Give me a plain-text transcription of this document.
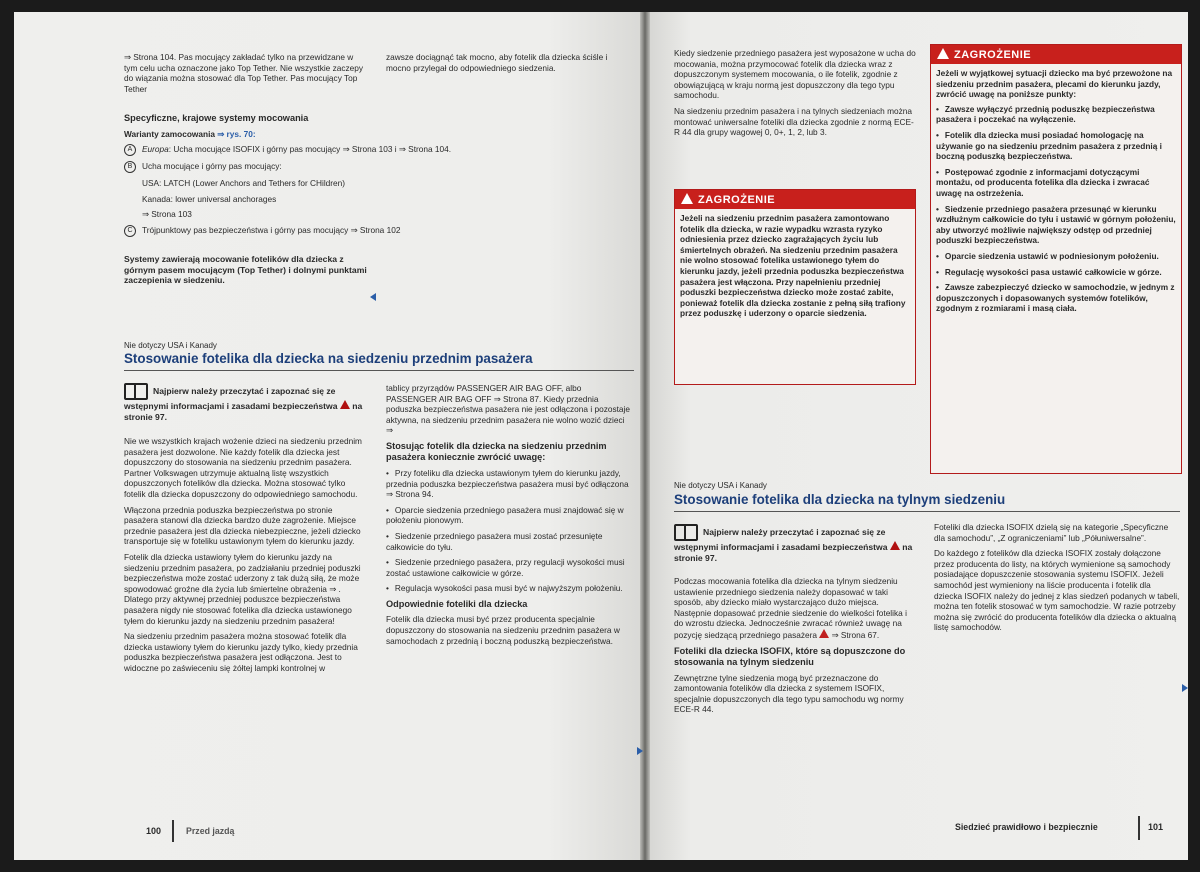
⇒ Strona 104. Pas mocujący zakładać tylko na przewidzane w tym celu ucha oznaczone jako Top Tether. Nie wszystkie zaczepy do wiązania można stosować dla Top Tether. Pas mocujący Top Tether

zawsze dociągnąć tak mocno, aby fotelik dla dziecka ściśle i mocno przylegał do odpowiedniego siedzenia.

Specyficzne, krajowe systemy mocowania

Warianty zamocowania ⇒ rys. 70:

A Europa: Ucha mocujące ISOFIX i górny pas mocujący ⇒ Strona 103 i ⇒ Strona 104.
B Ucha mocujące i górny pas mocujący:
USA: LATCH (Lower Anchors and Tethers for CHildren)
Kanada: lower universal anchorages
⇒ Strona 103
C Trójpunktowy pas bezpieczeństwa i górny pas mocujący ⇒ Strona 102
Systemy zawierają mocowanie fotelików dla dziecka z górnym pasem mocującym (Top Tether) i dolnymi punktami zaczepienia w siedzeniu.
Nie dotyczy USA i Kanady
Stosowanie fotelika dla dziecka na siedzeniu przednim pasażera
Najpierw należy przeczytać i zapoznać się ze wstępnymi informacjami i zasadami bezpieczeństwa na stronie 97.

Nie we wszystkich krajach wożenie dzieci na siedzeniu przednim pasażera jest dozwolone. Nie każdy fotelik dla dziecka jest dopuszczony do stosowania na siedzeniu przednim pasażera. Partner Volkswagen utrzymuje aktualną listę wszystkich dopuszczonych fotelików dla dziecka. Można stosować tylko fotelik dla dziecka dopuszczony do odpowiedniego samochodu.

Włączona przednia poduszka bezpieczeństwa po stronie pasażera stanowi dla dziecka bardzo duże zagrożenie. Miejsce przednie pasażera jest dla dziecka niebezpieczne, jeżeli dziecko transportuje się w foteliku ustawionym tyłem do kierunku jazdy.

Fotelik dla dziecka ustawiony tyłem do kierunku jazdy na siedzeniu przednim pasażera, po zadziałaniu przedniej poduszki bezpieczeństwa może zostać uderzony z tak dużą siłą, że może spowodować groźne dla życia lub śmiertelne obrażenia ⇒ . Dlatego przy aktywnej przedniej poduszce bezpieczeństwa pasażera nigdy nie stosować fotelika dla dziecka ustawionego tyłem do kierunku jazdy na siedzeniu przednim pasażera!

Na siedzeniu przednim pasażera można stosować fotelik dla dziecka ustawiony tyłem do kierunku jazdy tylko, kiedy przednia poduszka bezpieczeństwa pasażera jest odłączona. Jest to widoczne po zaświeceniu się żółtej lampki kontrolnej w

tablicy przyrządów PASSENGER AIR BAG OFF, albo PASSENGER AIR BAG OFF ⇒ Strona 87. Kiedy przednia poduszka bezpieczeństwa pasażera nie jest odłączona i pozostaje aktywna, na siedzeniu przednim pasażera nie wolno wozić dzieci ⇒

Stosując fotelik dla dziecka na siedzeniu przednim pasażera koniecznie zwrócić uwagę:
• Przy foteliku dla dziecka ustawionym tyłem do kierunku jazdy, przednia poduszka bezpieczeństwa pasażera musi być odłączona ⇒ Strona 94.
• Oparcie siedzenia przedniego pasażera musi znajdować się w położeniu pionowym.
• Siedzenie przedniego pasażera musi zostać przesunięte całkowicie do tyłu.
• Siedzenie przedniego pasażera, przy regulacji wysokości musi zostać ustawione całkowicie w górze.
• Regulacja wysokości pasa musi być w najwyższym położeniu.
Odpowiednie foteliki dla dziecka

Fotelik dla dziecka musi być przez producenta specjalnie dopuszczony do stosowania na siedzeniu przednim pasażera w samochodach z przednią i boczną poduszką bezpieczeństwa.

100	Przed jazdą

Kiedy siedzenie przedniego pasażera jest wyposażone w ucha do mocowania, można przymocować fotelik dla dziecka wraz z dopuszczonym systemem mocowania, o ile fotelik, zgodnie z obowiązującą w kraju normą jest dopuszczony dla tego typu samochodu.

Na siedzeniu przednim pasażera i na tylnych siedzeniach można montować uniwersalne foteliki dla dziecka zgodnie z normą ECE-R 44 dla grupy wagowej 0, 0+, 1, 2, lub 3.

ZAGROŻENIE
Jeżeli na siedzeniu przednim pasażera zamontowano fotelik dla dziecka, w razie wypadku wzrasta ryzyko odniesienia przez dziecko zagrażających życiu lub śmiertelnych obrażeń. Na siedzeniu przednim pasażera nie wolno stosować fotelika ustawionego tyłem do kierunku jazdy, jeżeli przednia poduszka bezpieczeństwa pasażera jest włączona. Przy napełnieniu przedniej poduszki bezpieczeństwa dziecko może zostać zabite, ponieważ fotelik dla dziecka zostanie z pełną siłą trafiony przez poduszkę i uderzony o oparcie siedzenia.
ZAGROŻENIE

Jeżeli w wyjątkowej sytuacji dziecko ma być przewożone na siedzeniu przednim pasażera, plecami do kierunku jazdy, zwrócić uwagę na poniższe punkty:

• Zawsze wyłączyć przednią poduszkę bezpieczeństwa pasażera i poczekać na wyłączenie.
• Fotelik dla dziecka musi posiadać homologację na używanie go na siedzeniu przednim pasażera z przednią i boczną poduszką bezpieczeństwa.
• Postępować zgodnie z informacjami dotyczącymi montażu, od producenta fotelika dla dziecka i zwracać uwagę na ostrzeżenia.
• Siedzenie przedniego pasażera przesunąć w kierunku wzdłużnym całkowicie do tyłu i ustawić w górnym położeniu, aby utworzyć możliwie największy odstęp od przedniej poduszki bezpieczeństwa.
• Oparcie siedzenia ustawić w podniesionym położeniu.
• Regulację wysokości pasa ustawić całkowicie w górze.
• Zawsze zabezpieczyć dziecko w samochodzie, w jednym z dopuszczonych i dopasowanych systemów fotelików, zgodnym z rozmiarami i masą ciała.
Nie dotyczy USA i Kanady
Stosowanie fotelika dla dziecka na tylnym siedzeniu
Najpierw należy przeczytać i zapoznać się ze wstępnymi informacjami i zasadami bezpieczeństwa na stronie 97.

Podczas mocowania fotelika dla dziecka na tylnym siedzeniu ustawienie przedniego siedzenia należy dopasować w taki sposób, aby dziecko miało wystarczająco dużo miejsca. Następnie dopasować przednie siedzenie do wielkości fotelika i do wzrostu dziecka. Jednocześnie zwracać również uwagę na pozycję siedzącą przedniego pasażera ⇒ Strona 67.

Foteliki dla dziecka ISOFIX, które są dopuszczone do stosowania na tylnym siedzeniu

Zewnętrzne tylne siedzenia mogą być przeznaczone do zamontowania fotelików dla dziecka z systemem ISOFIX, specjalnie dopuszczonych dla tego typu samochodu wg normy ECE-R 44.

Foteliki dla dziecka ISOFIX dzielą się na kategorie „Specyficzne dla samochodu”, „Z ograniczeniami” lub „Półuniwersalne”.

Do każdego z fotelików dla dziecka ISOFIX zostały dołączone przez producenta do listy, na których wymienione są samochody posiadające dopuszczenie stosowania systemu ISOFIX. Jeżeli samochód jest wymieniony na liście producenta i fotelik dla dziecka ISOFIX należy do jednej z klas siedzeń podanych w tabeli, można ten fotelik stosować w tym samochodzie. W razie potrzeby można się zwrócić do producenta fotelików dla dziecka o aktualną listę samochodów.

Siedzieć prawidłowo i bezpiecznie	101
